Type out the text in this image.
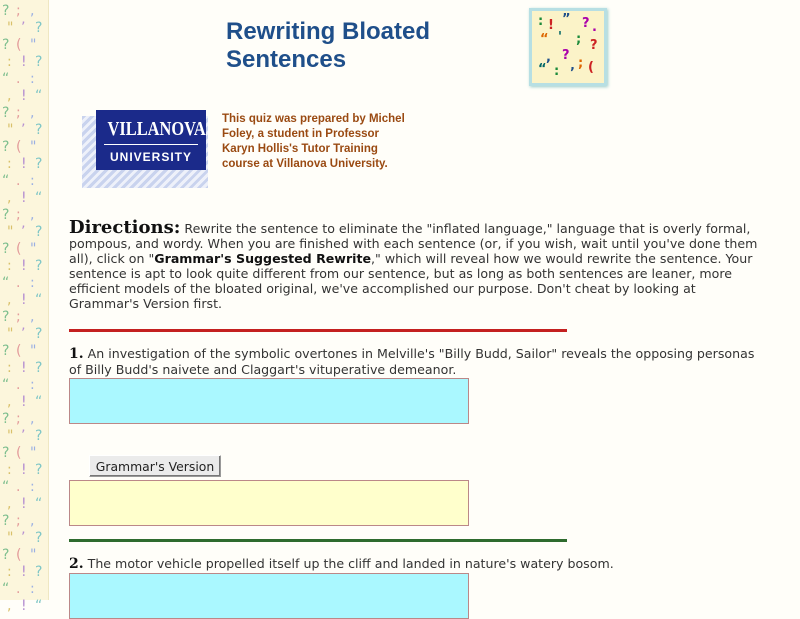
? ; ,
" ’ ?
? ( "
: ! ?
“ . :
, ! “
? ; ,
" ’ ?
? ( "
: ! ?
“ . :
, ! “
? ; ,
" ’ ?
? ( "
: ! ?
“ . :
, ! “
? ; ,
" ’ ?
? ( "
: ! ?
“ . :
, ! “
? ; ,
" ’ ?
? ( "
: ! ?
“ . :
, ! “
? ; ,
" ’ ?
? ( "
: ! ?
“ . :
, ! “
Rewriting Bloated Sentences
: ! ” ?
“ ' ; ?
, ?
;
“ : (
’
.
VILLANOVA
UNIVERSITY
This quiz was prepared by Michel Foley, a student in Professor Karyn Hollis's Tutor Training course at Villanova University.
Directions: Rewrite the sentence to eliminate the "inflated language," language that is overly formal, pompous, and wordy. When you are finished with each sentence (or, if you wish, wait until you've done them all), click on "Grammar's Suggested Rewrite," which will reveal how we would rewrite the sentence. Your sentence is apt to look quite different from our sentence, but as long as both sentences are leaner, more efficient models of the bloated original, we've accomplished our purpose. Don't cheat by looking at Grammar's Version first.
1. An investigation of the symbolic overtones in Melville's "Billy Budd, Sailor" reveals the opposing personas of Billy Budd's naivete and Claggart's vituperative demeanor.
Grammar's Version
2. The motor vehicle propelled itself up the cliff and landed in nature's watery bosom.
